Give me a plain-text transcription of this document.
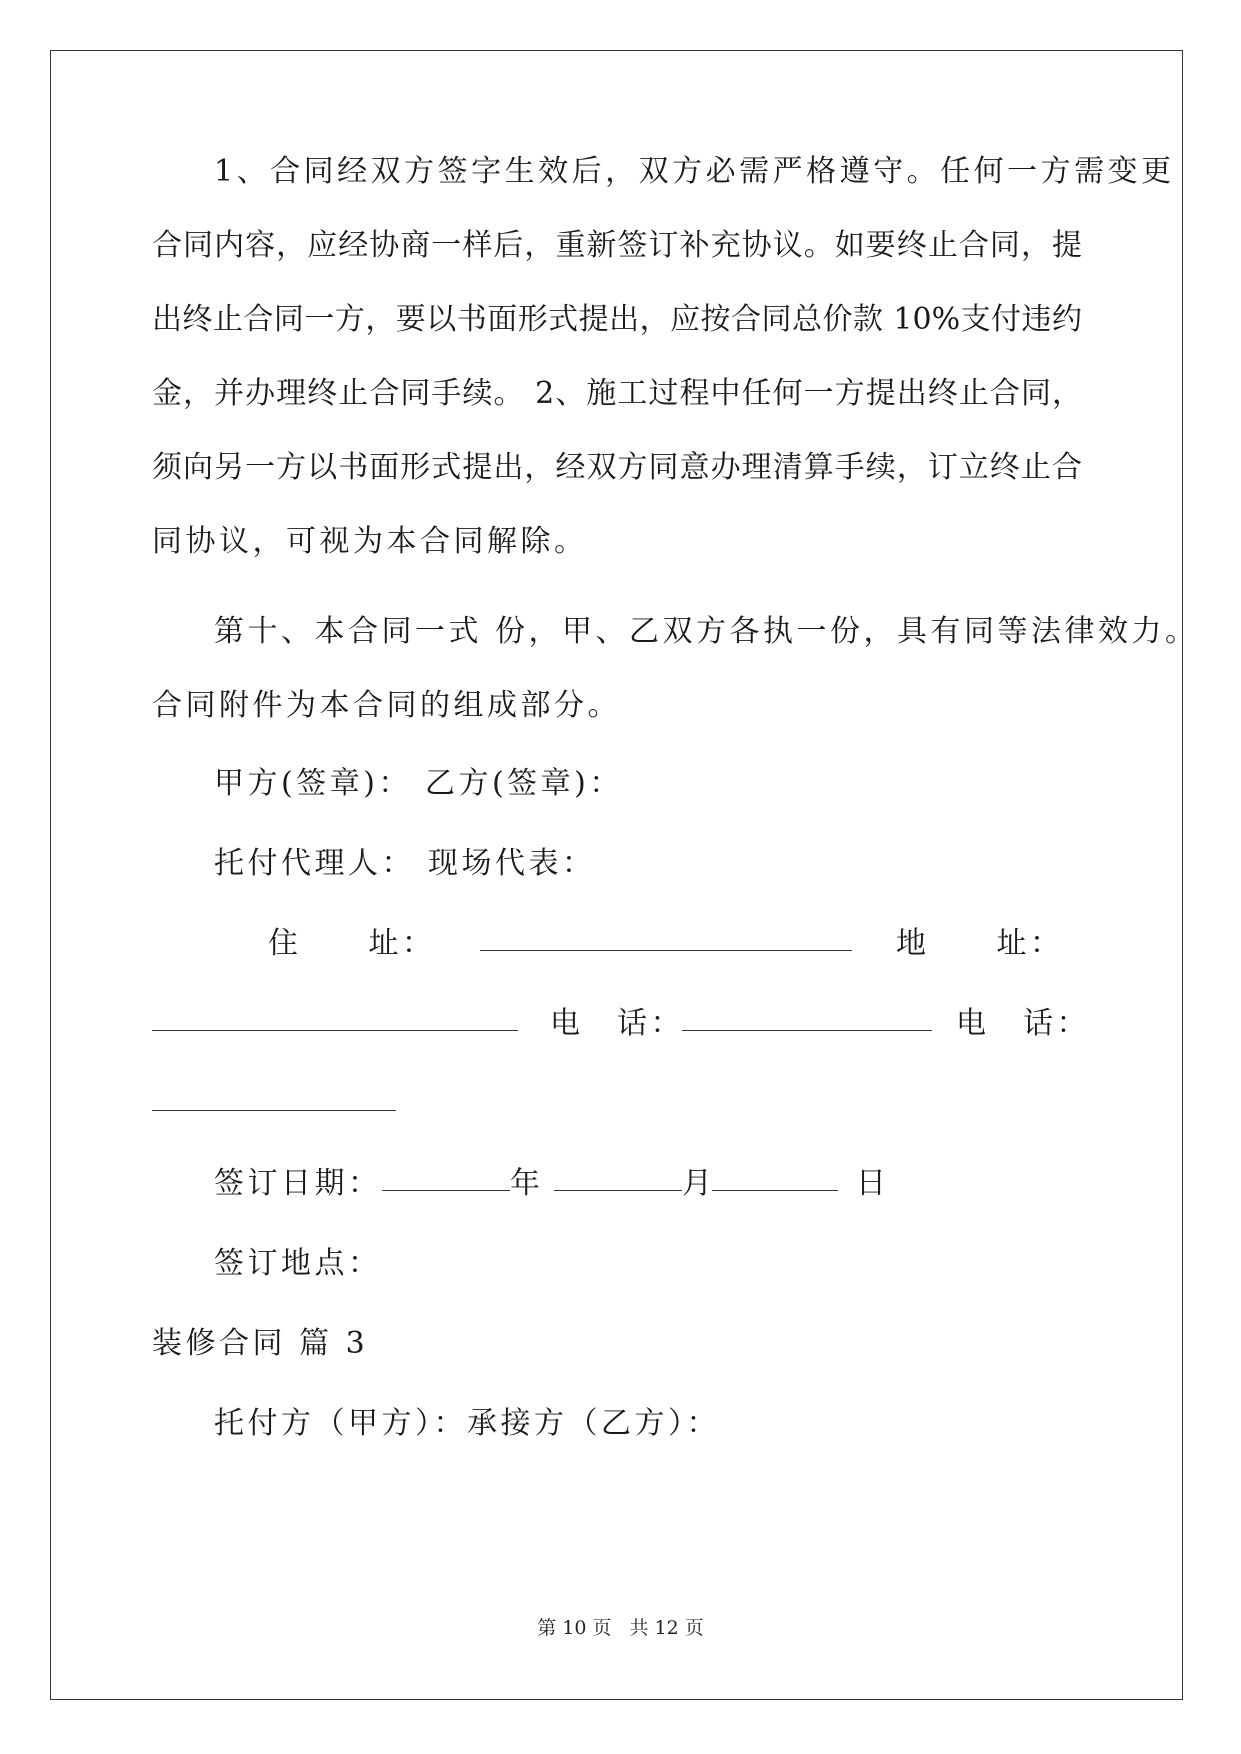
1、合同经双方签字生效后，双方必需严格遵守。任何一方需变更
合同内容，应经协商一样后，重新签订补充协议。如要终止合同，提
出终止合同一方，要以书面形式提出，应按合同总价款 10%支付违约
金，并办理终止合同手续。 2、施工过程中任何一方提出终止合同，
须向另一方以书面形式提出，经双方同意办理清算手续，订立终止合
同协议，可视为本合同解除。
第十、本合同一式 份，甲、乙双方各执一份，具有同等法律效力。
合同附件为本合同的组成部分。
甲方(签章)： 乙方(签章)：
托付代理人： 现场代表：
住　　址：	地　　址：
电　话：	电　话：
签订日期：	年	月	日
签订地点：
装修合同 篇 3
托付方（甲方）：承接方（乙方）：
第 10 页 共 12 页
